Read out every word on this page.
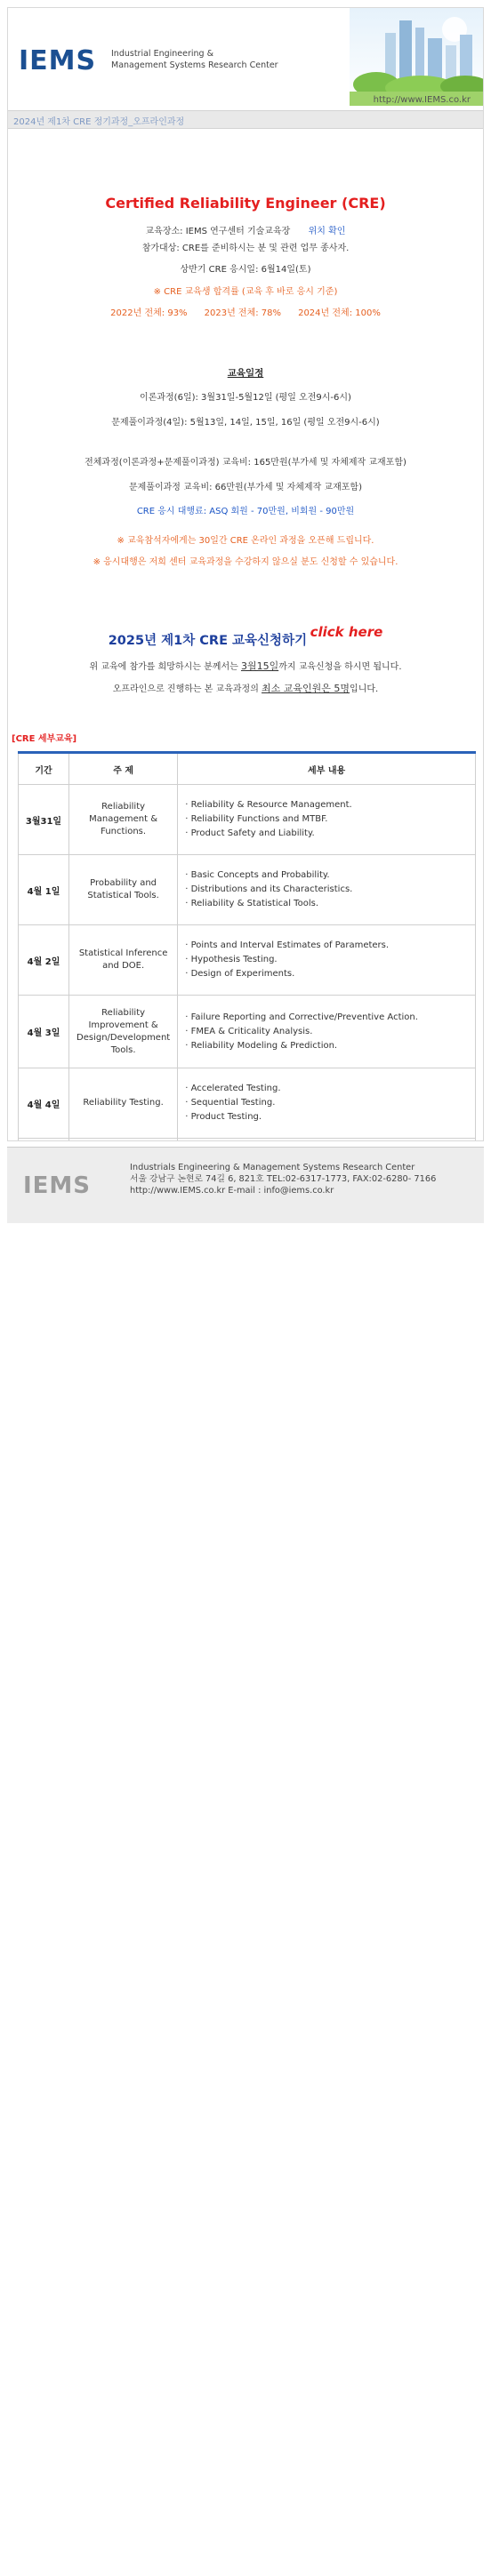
IEMS Industrial Engineering &
Management Systems Research Center
http://www.IEMS.co.kr
2024년 제1차 CRE 정기과정_오프라인과정
Certified Reliability Engineer (CRE)
교육장소: IEMS 연구센터 기술교육장 위치 확인
참가대상: CRE를 준비하시는 분 및 관련 업무 종사자.
상반기 CRE 응시일: 6월14일(토)
※ CRE 교육생 합격률 (교육 후 바로 응시 기준)
2022년 전체: 93%      2023년 전체: 78%      2024년 전체: 100%
교육일정
이론과정(6일): 3월31일-5월12일 (평일 오전9시-6시)
문제풀이과정(4일): 5월13일, 14일, 15일, 16일 (평일 오전9시-6시)
전체과정(이론과정+문제풀이과정) 교육비: 165만원(부가세 및 자체제작 교재포함)
문제풀이과정 교육비: 66만원(부가세 및 자체제작 교재포함)
CRE 응시 대행료: ASQ 회원 - 70만원, 비회원 - 90만원
※ 교육참석자에게는 30일간 CRE 온라인 과정을 오픈해 드립니다.
※ 응시대행은 저희 센터 교육과정을 수강하지 않으실 분도 신청할 수 있습니다.
2025년 제1차 CRE 교육신청하기 click here
위 교육에 참가를 희망하시는 분께서는 3월15일까지 교육신청을 하시면 됩니다.
오프라인으로 진행하는 본 교육과정의 최소 교육인원은 5명입니다.
[CRE 세부교육]
기간	주 제	세부 내용
3월31일	Reliability Management & Functions.	· Reliability & Resource Management.
· Reliability Functions and MTBF.
· Product Safety and Liability.

4월 1일	Probability and Statistical Tools.	· Basic Concepts and Probability.
· Distributions and its Characteristics.
· Reliability & Statistical Tools.

4월 2일	Statistical Inference and DOE.	· Points and Interval Estimates of Parameters.
· Hypothesis Testing.
· Design of Experiments.

4월 3일	Reliability Improvement & Design/Development Tools.	· Failure Reporting and Corrective/Preventive Action.
· FMEA & Criticality Analysis.
· Reliability Modeling & Prediction.

4월 4일	Reliability Testing.	· Accelerated Testing.
· Sequential Testing.
· Product Testing.

IEMS
Industrials Engineering & Management Systems Research Center
서울 강남구 논현로 74길 6, 821호 TEL:02-6317-1773, FAX:02-6280- 7166
http://www.IEMS.co.kr E-mail : info@iems.co.kr
